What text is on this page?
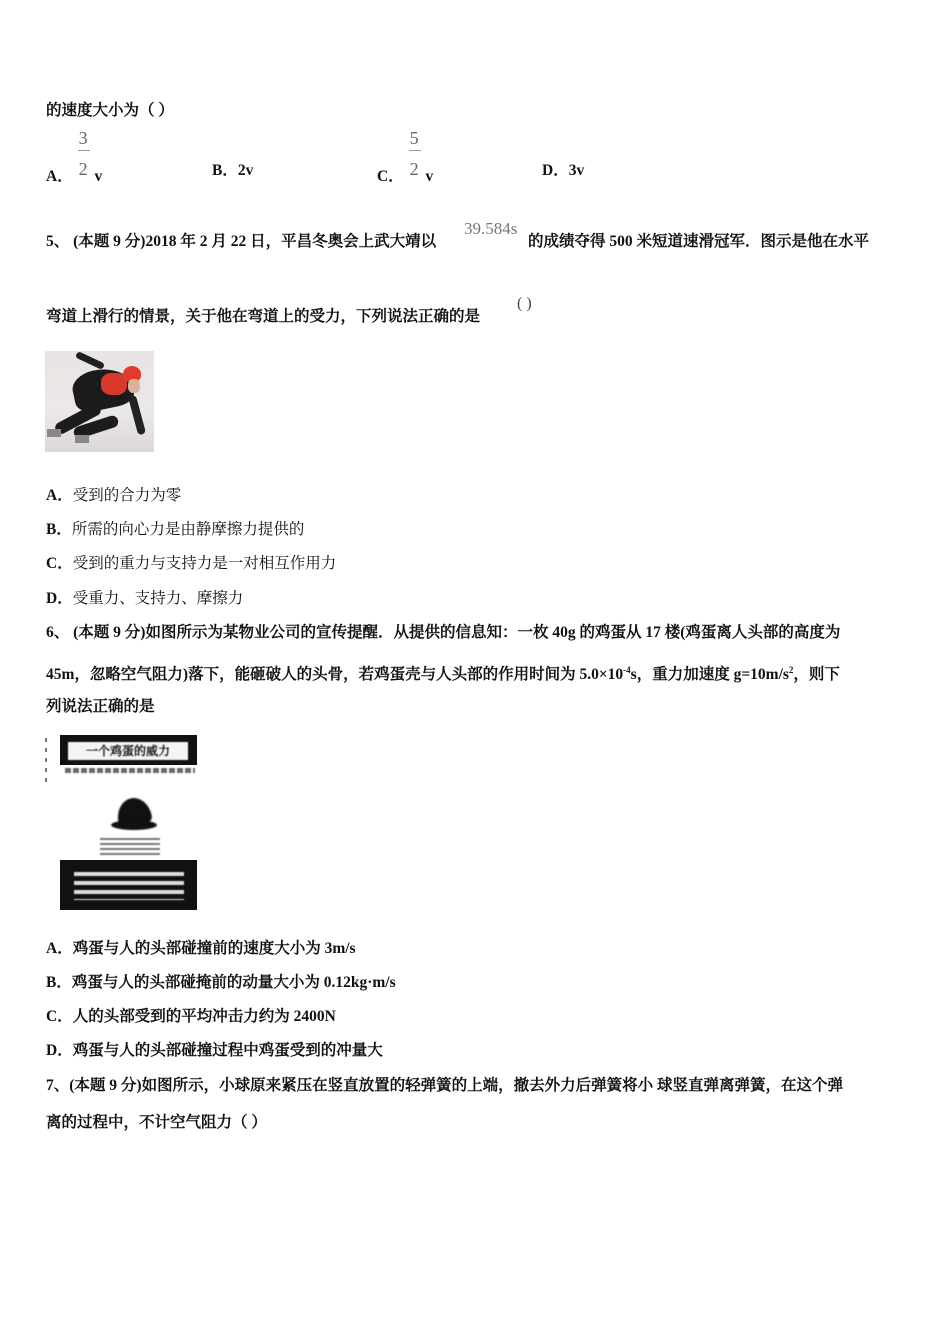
的速度大小为（ ）
A． $\frac{3}{2}$ v	B．2v	C． $\frac{5}{2}$ v	D．3v
5、 (本题 9 分)2018 年 2 月 22 日，平昌冬奥会上武大靖以
39.584s
的成绩夺得 500 米短道速滑冠军．图示是他在水平
弯道上滑行的情景，关于他在弯道上的受力，下列说法正确的是
( )
A．受到的合力为零
B．所需的向心力是由静摩擦力提供的
C．受到的重力与支持力是一对相互作用力
D．受重力、支持力、摩擦力
6、 (本题 9 分)如图所示为某物业公司的宣传提醒．从提供的信息知：一枚 40g 的鸡蛋从 17 楼(鸡蛋离人头部的高度为
45m，忽略空气阻力)落下，能砸破人的头骨，若鸡蛋壳与人头部的作用时间为 $5.0\times 10^{-4}s$，重力加速度 $g=10m/s^2$，则下
列说法正确的是
一个鸡蛋的威力
A．鸡蛋与人的头部碰撞前的速度大小为 3m/s
B．鸡蛋与人的头部碰掩前的动量大小为 0.12kg·m/s
C．人的头部受到的平均冲击力约为 2400N
D．鸡蛋与人的头部碰撞过程中鸡蛋受到的冲量大
7、(本题 9 分)如图所示，小球原来紧压在竖直放置的轻弹簧的上端，撤去外力后弹簧将小 球竖直弹离弹簧，在这个弹
离的过程中，不计空气阻力（ ）
